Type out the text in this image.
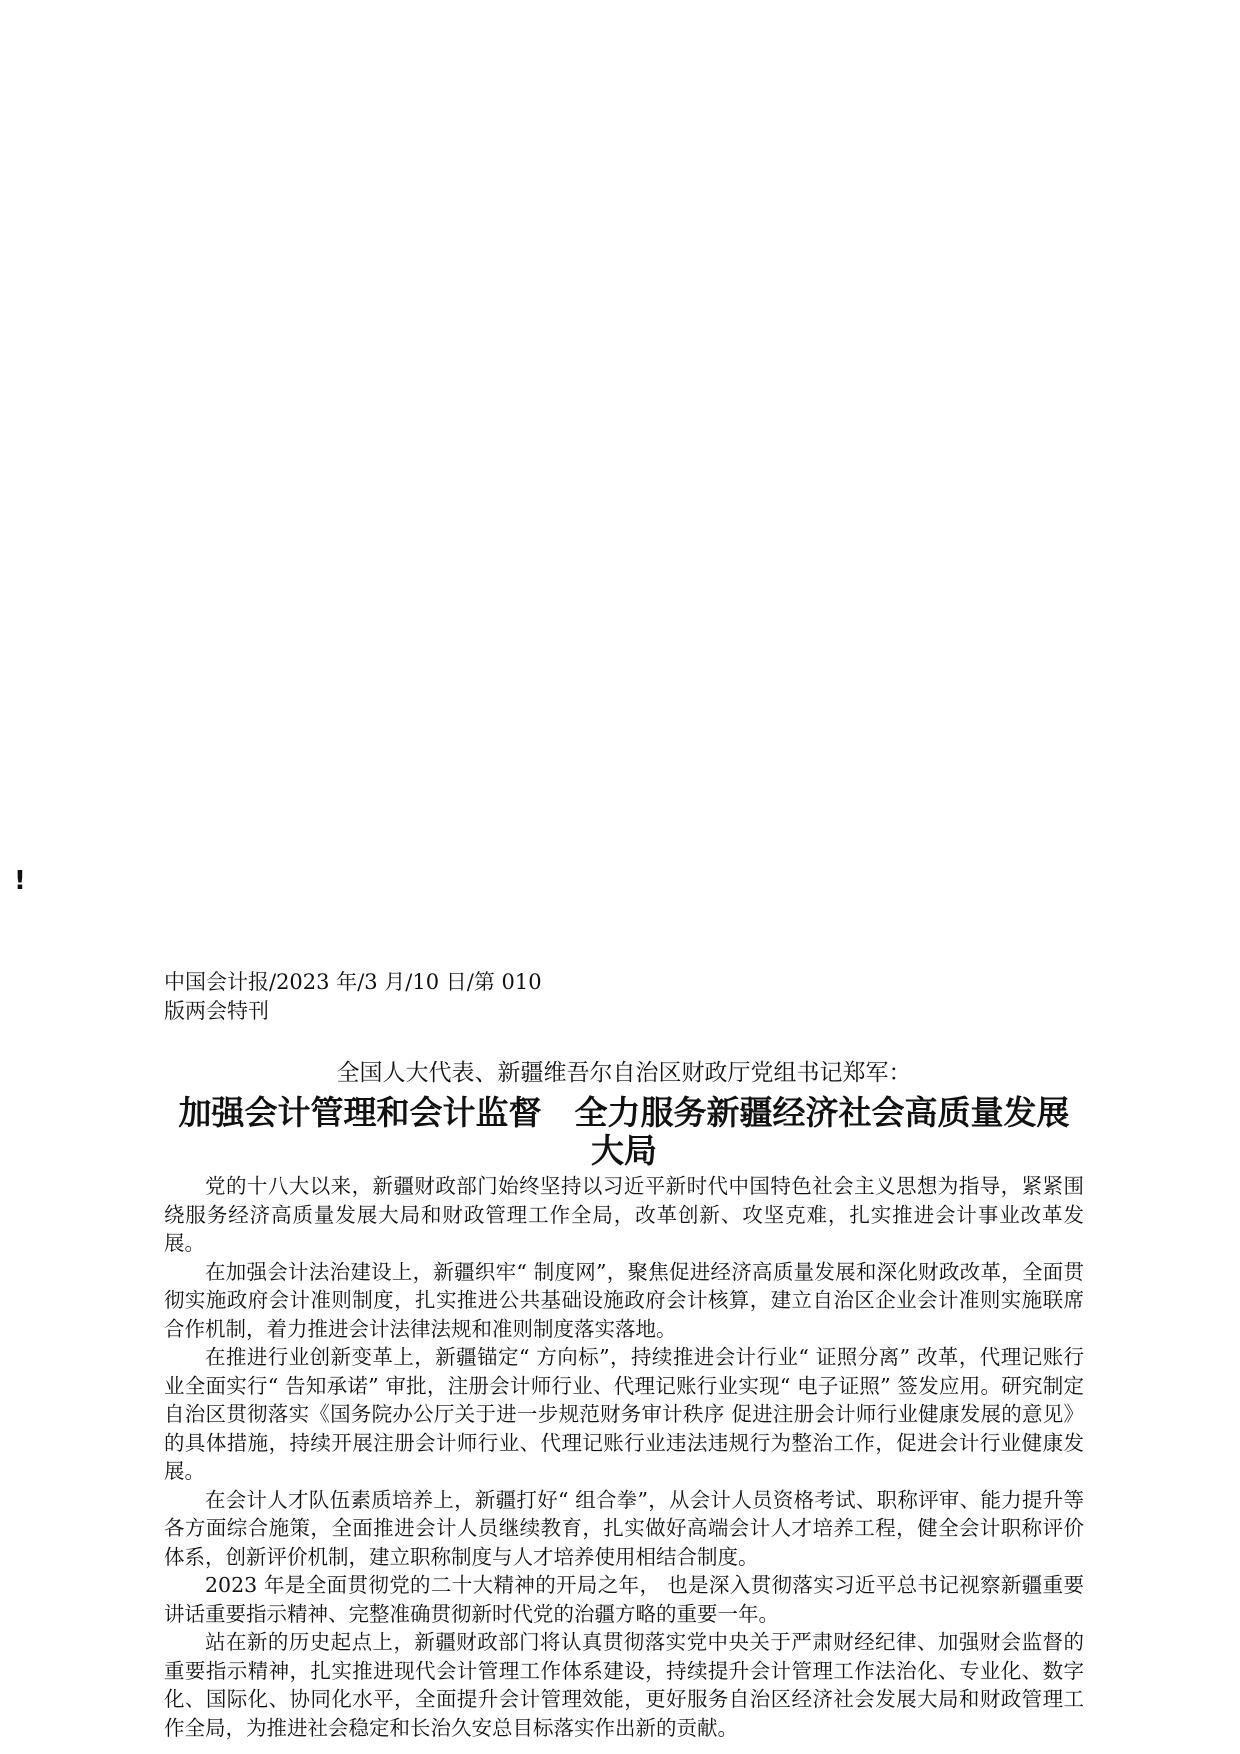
!
中国会计报/2023 年/3 月/10 日/第 010
版两会特刊

全国人大代表、新疆维吾尔自治区财政厅党组书记郑军：

加强会计管理和会计监督　全力服务新疆经济社会高质量发展大局

党的十八大以来，新疆财政部门始终坚持以习近平新时代中国特色社会主义思想为指导，紧紧围绕服务经济高质量发展大局和财政管理工作全局，改革创新、攻坚克难，扎实推进会计事业改革发展。

在加强会计法治建设上，新疆织牢“ 制度网”，聚焦促进经济高质量发展和深化财政改革，全面贯彻实施政府会计准则制度，扎实推进公共基础设施政府会计核算，建立自治区企业会计准则实施联席合作机制，着力推进会计法律法规和准则制度落实落地。

在推进行业创新变革上，新疆锚定“ 方向标”，持续推进会计行业“ 证照分离” 改革，代理记账行业全面实行“ 告知承诺” 审批，注册会计师行业、代理记账行业实现“ 电子证照” 签发应用。研究制定自治区贯彻落实《国务院办公厅关于进一步规范财务审计秩序 促进注册会计师行业健康发展的意见》的具体措施，持续开展注册会计师行业、代理记账行业违法违规行为整治工作，促进会计行业健康发展。

在会计人才队伍素质培养上，新疆打好“ 组合拳”，从会计人员资格考试、职称评审、能力提升等各方面综合施策，全面推进会计人员继续教育，扎实做好高端会计人才培养工程，健全会计职称评价体系，创新评价机制，建立职称制度与人才培养使用相结合制度。

2023 年是全面贯彻党的二十大精神的开局之年， 也是深入贯彻落实习近平总书记视察新疆重要讲话重要指示精神、完整准确贯彻新时代党的治疆方略的重要一年。

站在新的历史起点上，新疆财政部门将认真贯彻落实党中央关于严肃财经纪律、加强财会监督的重要指示精神，扎实推进现代会计管理工作体系建设，持续提升会计管理工作法治化、专业化、数字化、国际化、协同化水平，全面提升会计管理效能，更好服务自治区经济社会发展大局和财政管理工作全局，为推进社会稳定和长治久安总目标落实作出新的贡献。
